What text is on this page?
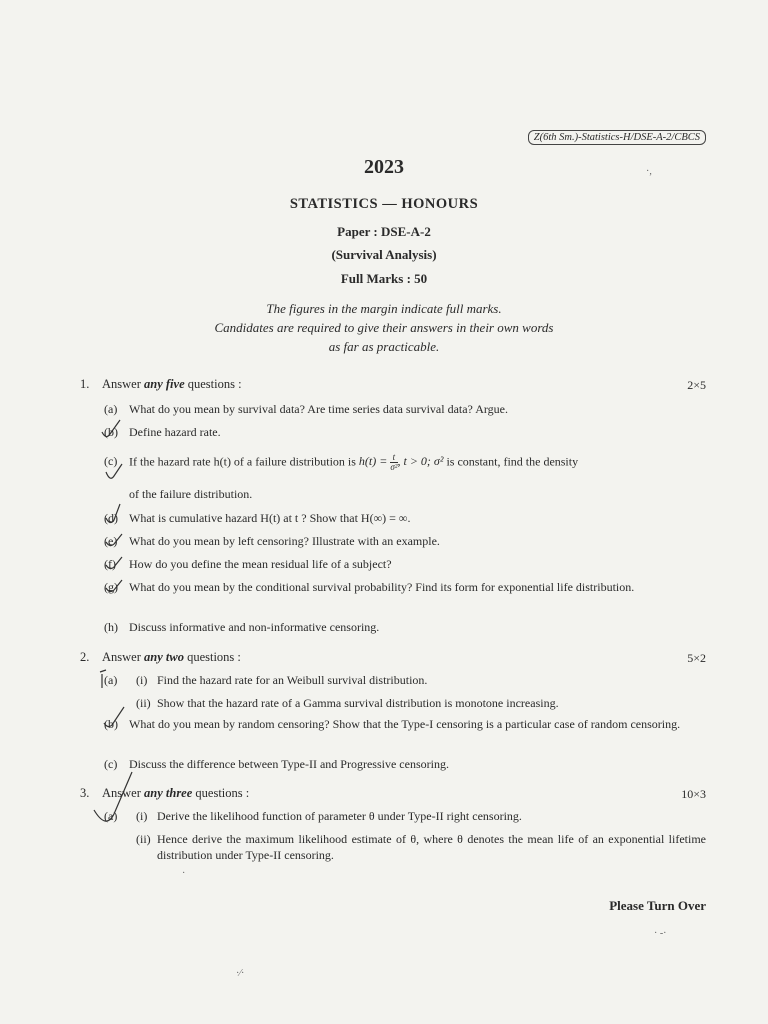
Z(6th Sm.)-Statistics-H/DSE-A-2/CBCS
2023
STATISTICS — HONOURS
Paper : DSE-A-2
(Survival Analysis)
Full Marks : 50
The figures in the margin indicate full marks.
Candidates are required to give their answers in their own words
as far as practicable.
1. Answer any five questions :	2×5
(a) What do you mean by survival data? Are time series data survival data? Argue.
(b) Define hazard rate.
(c) If the hazard rate h(t) of a failure distribution is $h(t) = \frac{t}{\text{σ²}}$ , t > 0; σ² is constant, find the density
of the failure distribution.
(d) What is cumulative hazard H(t) at t ? Show that H(∞) = ∞.
(e) What do you mean by left censoring? Illustrate with an example.
(f) How do you define the mean residual life of a subject?
(g) What do you mean by the conditional survival probability? Find its form for exponential life distribution.
(h) Discuss informative and non-informative censoring.
2. Answer any two questions :	5×2
(a) (i) Find the hazard rate for an Weibull survival distribution.
(ii) Show that the hazard rate of a Gamma survival distribution is monotone increasing.
(b) What do you mean by random censoring? Show that the Type-I censoring is a particular case of random censoring.
(c) Discuss the difference between Type-II and Progressive censoring.
3. Answer any three questions :	10×3
(a) (i) Derive the likelihood function of parameter θ under Type-II right censoring.
(ii) Hence derive the maximum likelihood estimate of θ, where θ denotes the mean life of an exponential lifetime distribution under Type-II censoring.
Please Turn Over
·,
·
· -·
·⁄·
